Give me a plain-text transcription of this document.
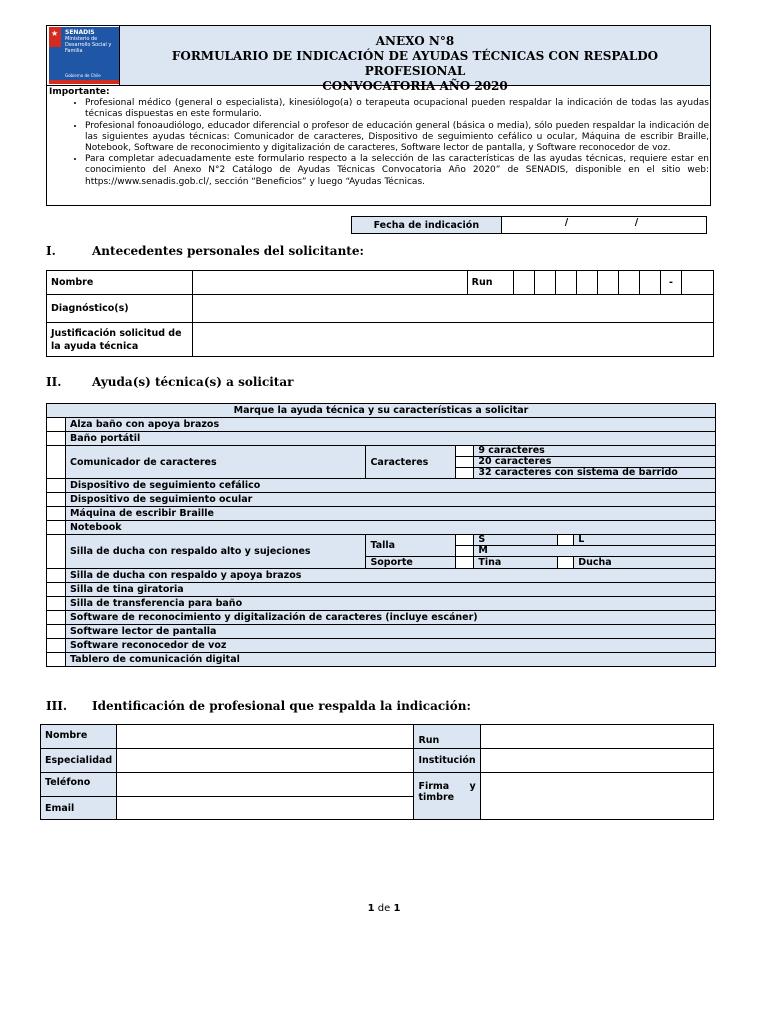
★ SENADIS
Ministerio de Desarrollo Social y Familia
Gobierno de Chile
ANEXO N°8
FORMULARIO DE INDICACIÓN DE AYUDAS TÉCNICAS CON RESPALDO PROFESIONAL
CONVOCATORIA AÑO 2020
Importante:
• Profesional médico (general o especialista), kinesiólogo(a) o terapeuta ocupacional pueden respaldar la indicación de todas las ayudas técnicas dispuestas en este formulario.
• Profesional fonoaudiólogo, educador diferencial o profesor de educación general (básica o media), sólo pueden respaldar la indicación de las siguientes ayudas técnicas: Comunicador de caracteres, Dispositivo de seguimiento cefálico u ocular, Máquina de escribir Braille, Notebook, Software de reconocimiento y digitalización de caracteres, Software lector de pantalla, y Software reconocedor de voz.
• Para completar adecuadamente este formulario respecto a la selección de las características de las ayudas técnicas, requiere estar en conocimiento del Anexo N°2 Catálogo de Ayudas Técnicas Convocatoria Año 2020” de SENADIS, disponible en el sitio web: https://www.senadis.gob.cl/, sección “Beneficios” y luego “Ayudas Técnicas.
Fecha de indicación	/	/
I.	Antecedentes personales del solicitante:
Nombre		Run								-	
Diagnóstico(s)											
Justificación solicitud de la ayuda técnica											
II.	Ayuda(s) técnica(s) a solicitar
Marque la ayuda técnica y su características a solicitar						
	Alza baño con apoya brazos					
	Baño portátil					
	Comunicador de caracteres	Caracteres		9 caracteres		
				20 caracteres		
				32 caracteres con sistema de barrido		
	Dispositivo de seguimiento cefálico					
	Dispositivo de seguimiento ocular					
	Máquina de escribir Braille					
	Notebook					
	Silla de ducha con respaldo alto y sujeciones	Talla		S		L
				M		
		Soporte		Tina		Ducha
	Silla de ducha con respaldo y apoya brazos					
	Silla de tina giratoria					
	Silla de transferencia para baño					
	Software de reconocimiento y digitalización de caracteres (incluye escáner)					
	Software lector de pantalla					
	Software reconocedor de voz					
	Tablero de comunicación digital					
III. Identificación de profesional que respalda la indicación:
Nombre		Run	
Especialidad		Institución	
Teléfono		Firma y timbre	
Email			
1 de 1
